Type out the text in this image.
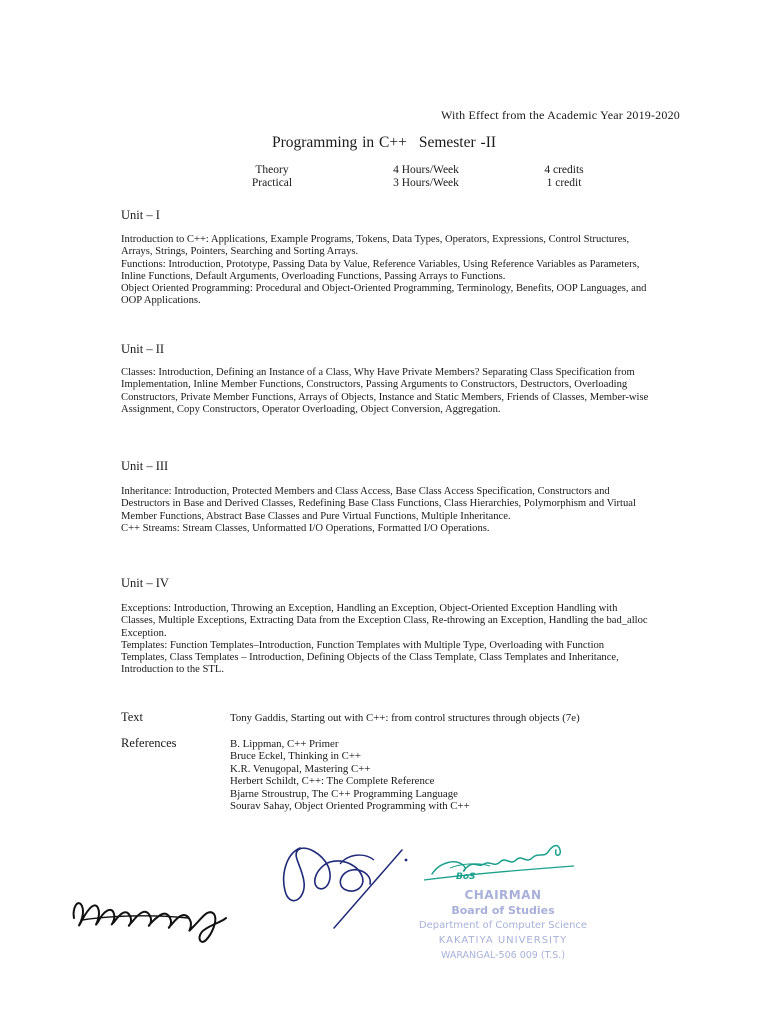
With Effect from the Academic Year 2019-2020
Programming in C++ Semester -II
Theory	4 Hours/Week	4 credits
Practical	3 Hours/Week	1 credit
Unit – I

Introduction to C++: Applications, Example Programs, Tokens, Data Types, Operators, Expressions, Control Structures, Arrays, Strings, Pointers, Searching and Sorting Arrays.

Functions: Introduction, Prototype, Passing Data by Value, Reference Variables, Using Reference Variables as Parameters, Inline Functions, Default Arguments, Overloading Functions, Passing Arrays to Functions.

Object Oriented Programming: Procedural and Object-Oriented Programming, Terminology, Benefits, OOP Languages, and OOP Applications.

Unit – II

Classes: Introduction, Defining an Instance of a Class, Why Have Private Members? Separating Class Specification from Implementation, Inline Member Functions, Constructors, Passing Arguments to Constructors, Destructors, Overloading Constructors, Private Member Functions, Arrays of Objects, Instance and Static Members, Friends of Classes, Member-wise Assignment, Copy Constructors, Operator Overloading, Object Conversion, Aggregation.

Unit – III

Inheritance: Introduction, Protected Members and Class Access, Base Class Access Specification, Constructors and Destructors in Base and Derived Classes, Redefining Base Class Functions, Class Hierarchies, Polymorphism and Virtual Member Functions, Abstract Base Classes and Pure Virtual Functions, Multiple Inheritance.

C++ Streams: Stream Classes, Unformatted I/O Operations, Formatted I/O Operations.

Unit – IV

Exceptions: Introduction, Throwing an Exception, Handling an Exception, Object-Oriented Exception Handling with Classes, Multiple Exceptions, Extracting Data from the Exception Class, Re-throwing an Exception, Handling the bad_alloc Exception.

Templates: Function Templates–Introduction, Function Templates with Multiple Type, Overloading with Function Templates, Class Templates – Introduction, Defining Objects of the Class Template, Class Templates and Inheritance, Introduction to the STL.

Text	Tony Gaddis, Starting out with C++: from control structures through objects (7e)
References	B. Lippman, C++ Primer
Bruce Eckel, Thinking in C++
K.R. Venugopal, Mastering C++
Herbert Schildt, C++: The Complete Reference
Bjarne Stroustrup, The C++ Programming Language
Sourav Sahay, Object Oriented Programming with C++
BoS
CHAIRMAN
Board of Studies
Department of Computer Science
KAKATIYA UNIVERSITY
WARANGAL-506 009 (T.S.)
